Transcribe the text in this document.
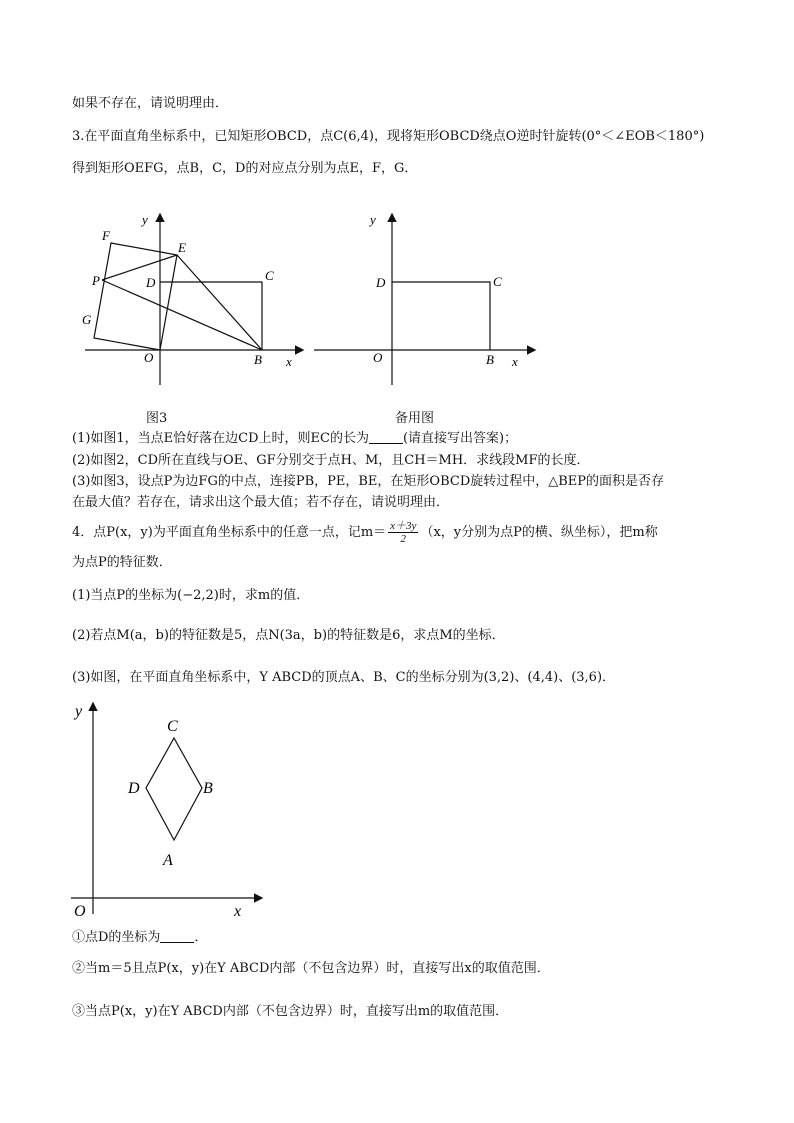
如果不存在，请说明理由．
3.在平面直角坐标系中，已知矩形OBCD，点C(6,4)，现将矩形OBCD绕点O逆时针旋转(0°＜∠EOB＜180°)
得到矩形OEFG，点B，C，D的对应点分别为点E，F，G．
F
E
P	D	C
G
O	B x
y
D	C
O	B x
y
图3	备用图
(1)如图1，当点E恰好落在边CD上时，则EC的长为	(请直接写出答案)；
(2)如图2，CD所在直线与OE、GF分别交于点H、M，且CH＝MH．求线段MF的长度．
(3)如图3，设点P为边FG的中点，连接PB，PE，BE，在矩形OBCD旋转过程中，△BEP的面积是否存
在最大值？若存在，请求出这个最大值；若不存在，请说明理由．
4．点P(x，y)为平面直角坐标系中的任意一点，记$m= \frac{x+3y}{2} (x$，y分别为点P的横、纵坐标），把m称
为点P的特征数．
(1)当点P的坐标为(−2,2)时，求m的值．
(2)若点M(a，b)的特征数是5，点N(3a，b)的特征数是6，求点M的坐标．
(3)如图，在平面直角坐标系中，Y ABCD的顶点A、B、C的坐标分别为(3,2)、(4,4)、(3,6)．
C
B
D
A
O	x
y
①点D的坐标为	．
②当m＝5且点P(x，y)在Y ABCD内部（不包含边界）时，直接写出x的取值范围．
③当点P(x，y)在Y ABCD内部（不包含边界）时，直接写出m的取值范围．
